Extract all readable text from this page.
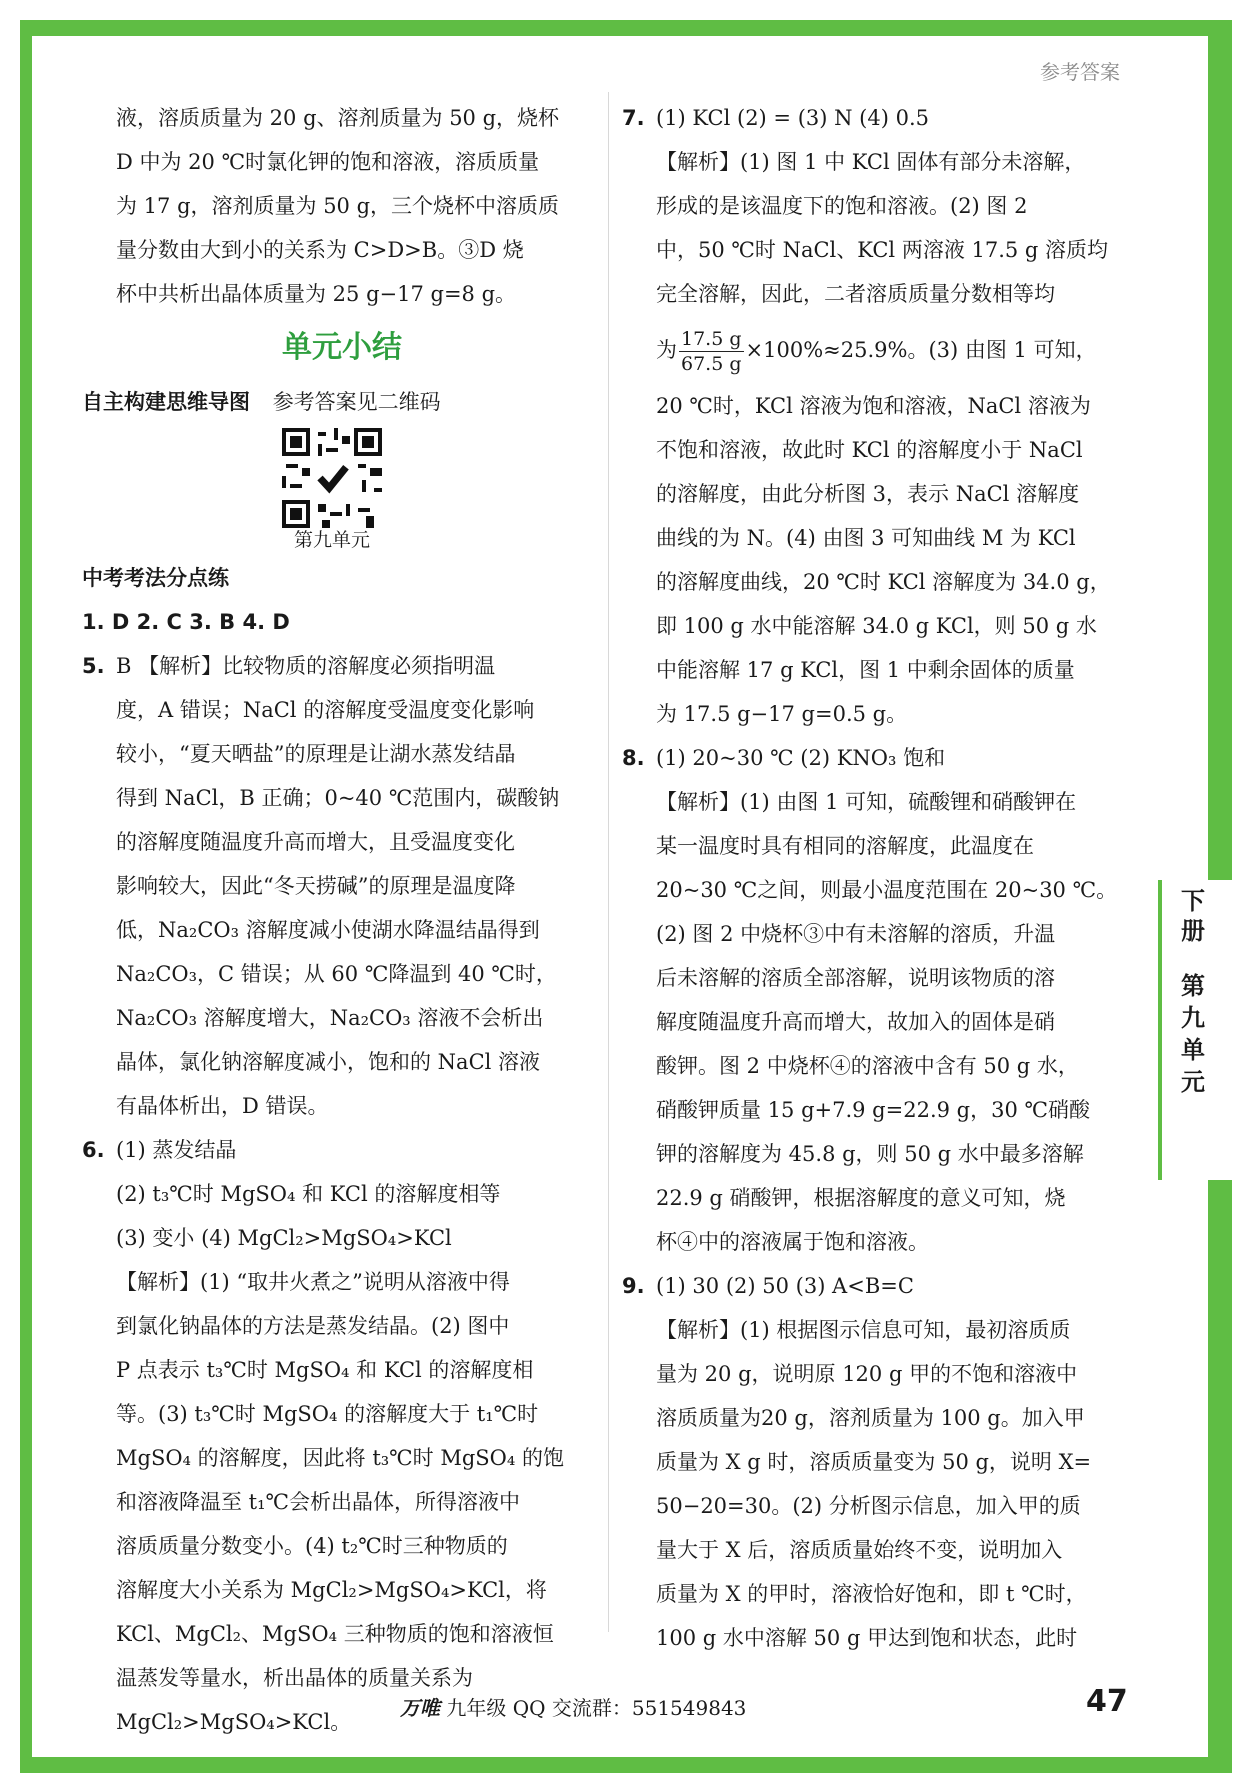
参考答案
下
册
第
九
单
元
液，溶质质量为 20 g、溶剂质量为 50 g，烧杯
D 中为 20 ℃时氯化钾的饱和溶液，溶质质量
为 17 g，溶剂质量为 50 g，三个烧杯中溶质质
量分数由大到小的关系为 C>D>B。③D 烧
杯中共析出晶体质量为 25 g−17 g=8 g。
单元小结
自主构建思维导图 参考答案见二维码
第九单元
中考考法分点练
1. D 2. C 3. B 4. D
5. B 【解析】比较物质的溶解度必须指明温
度，A 错误；NaCl 的溶解度受温度变化影响
较小，“夏天晒盐”的原理是让湖水蒸发结晶
得到 NaCl，B 正确；0~40 ℃范围内，碳酸钠
的溶解度随温度升高而增大，且受温度变化
影响较大，因此“冬天捞碱”的原理是温度降
低，Na₂CO₃ 溶解度减小使湖水降温结晶得到
Na₂CO₃，C 错误；从 60 ℃降温到 40 ℃时，
Na₂CO₃ 溶解度增大，Na₂CO₃ 溶液不会析出
晶体，氯化钠溶解度减小，饱和的 NaCl 溶液
有晶体析出，D 错误。
6. (1) 蒸发结晶
(2) t₃℃时 MgSO₄ 和 KCl 的溶解度相等
(3) 变小 (4) MgCl₂>MgSO₄>KCl
【解析】(1) “取井火煮之”说明从溶液中得
到氯化钠晶体的方法是蒸发结晶。(2) 图中
P 点表示 t₃℃时 MgSO₄ 和 KCl 的溶解度相
等。(3) t₃℃时 MgSO₄ 的溶解度大于 t₁℃时
MgSO₄ 的溶解度，因此将 t₃℃时 MgSO₄ 的饱
和溶液降温至 t₁℃会析出晶体，所得溶液中
溶质质量分数变小。(4) t₂℃时三种物质的
溶解度大小关系为 MgCl₂>MgSO₄>KCl，将
KCl、MgCl₂、MgSO₄ 三种物质的饱和溶液恒
温蒸发等量水，析出晶体的质量关系为
MgCl₂>MgSO₄>KCl。
7. (1) KCl (2) = (3) N (4) 0.5
【解析】(1) 图 1 中 KCl 固体有部分未溶解，
形成的是该温度下的饱和溶液。(2) 图 2
中，50 ℃时 NaCl、KCl 两溶液 17.5 g 溶质均
完全溶解，因此，二者溶质质量分数相等均
为 $\frac{17.5 g}{67.5 g} \times 100\%\approx 25.9\%$。(3) 由图 1 可知，
20 ℃时，KCl 溶液为饱和溶液，NaCl 溶液为
不饱和溶液，故此时 KCl 的溶解度小于 NaCl
的溶解度，由此分析图 3，表示 NaCl 溶解度
曲线的为 N。(4) 由图 3 可知曲线 M 为 KCl
的溶解度曲线，20 ℃时 KCl 溶解度为 34.0 g，
即 100 g 水中能溶解 34.0 g KCl，则 50 g 水
中能溶解 17 g KCl，图 1 中剩余固体的质量
为 17.5 g−17 g=0.5 g。
8. (1) 20~30 ℃ (2) KNO₃ 饱和
【解析】(1) 由图 1 可知，硫酸锂和硝酸钾在
某一温度时具有相同的溶解度，此温度在
20~30 ℃之间，则最小温度范围在 20~30 ℃。
(2) 图 2 中烧杯③中有未溶解的溶质，升温
后未溶解的溶质全部溶解，说明该物质的溶
解度随温度升高而增大，故加入的固体是硝
酸钾。图 2 中烧杯④的溶液中含有 50 g 水，
硝酸钾质量 15 g+7.9 g=22.9 g，30 ℃硝酸
钾的溶解度为 45.8 g，则 50 g 水中最多溶解
22.9 g 硝酸钾，根据溶解度的意义可知，烧
杯④中的溶液属于饱和溶液。
9. (1) 30 (2) 50 (3) A<B=C
【解析】(1) 根据图示信息可知，最初溶质质
量为 20 g，说明原 120 g 甲的不饱和溶液中
溶质质量为20 g，溶剂质量为 100 g。加入甲
质量为 X g 时，溶质质量变为 50 g，说明 X=
50−20=30。(2) 分析图示信息，加入甲的质
量大于 X 后，溶质质量始终不变，说明加入
质量为 X 的甲时，溶液恰好饱和，即 t ℃时，
100 g 水中溶解 50 g 甲达到饱和状态，此时
万唯 九年级 QQ 交流群：551549843	47
